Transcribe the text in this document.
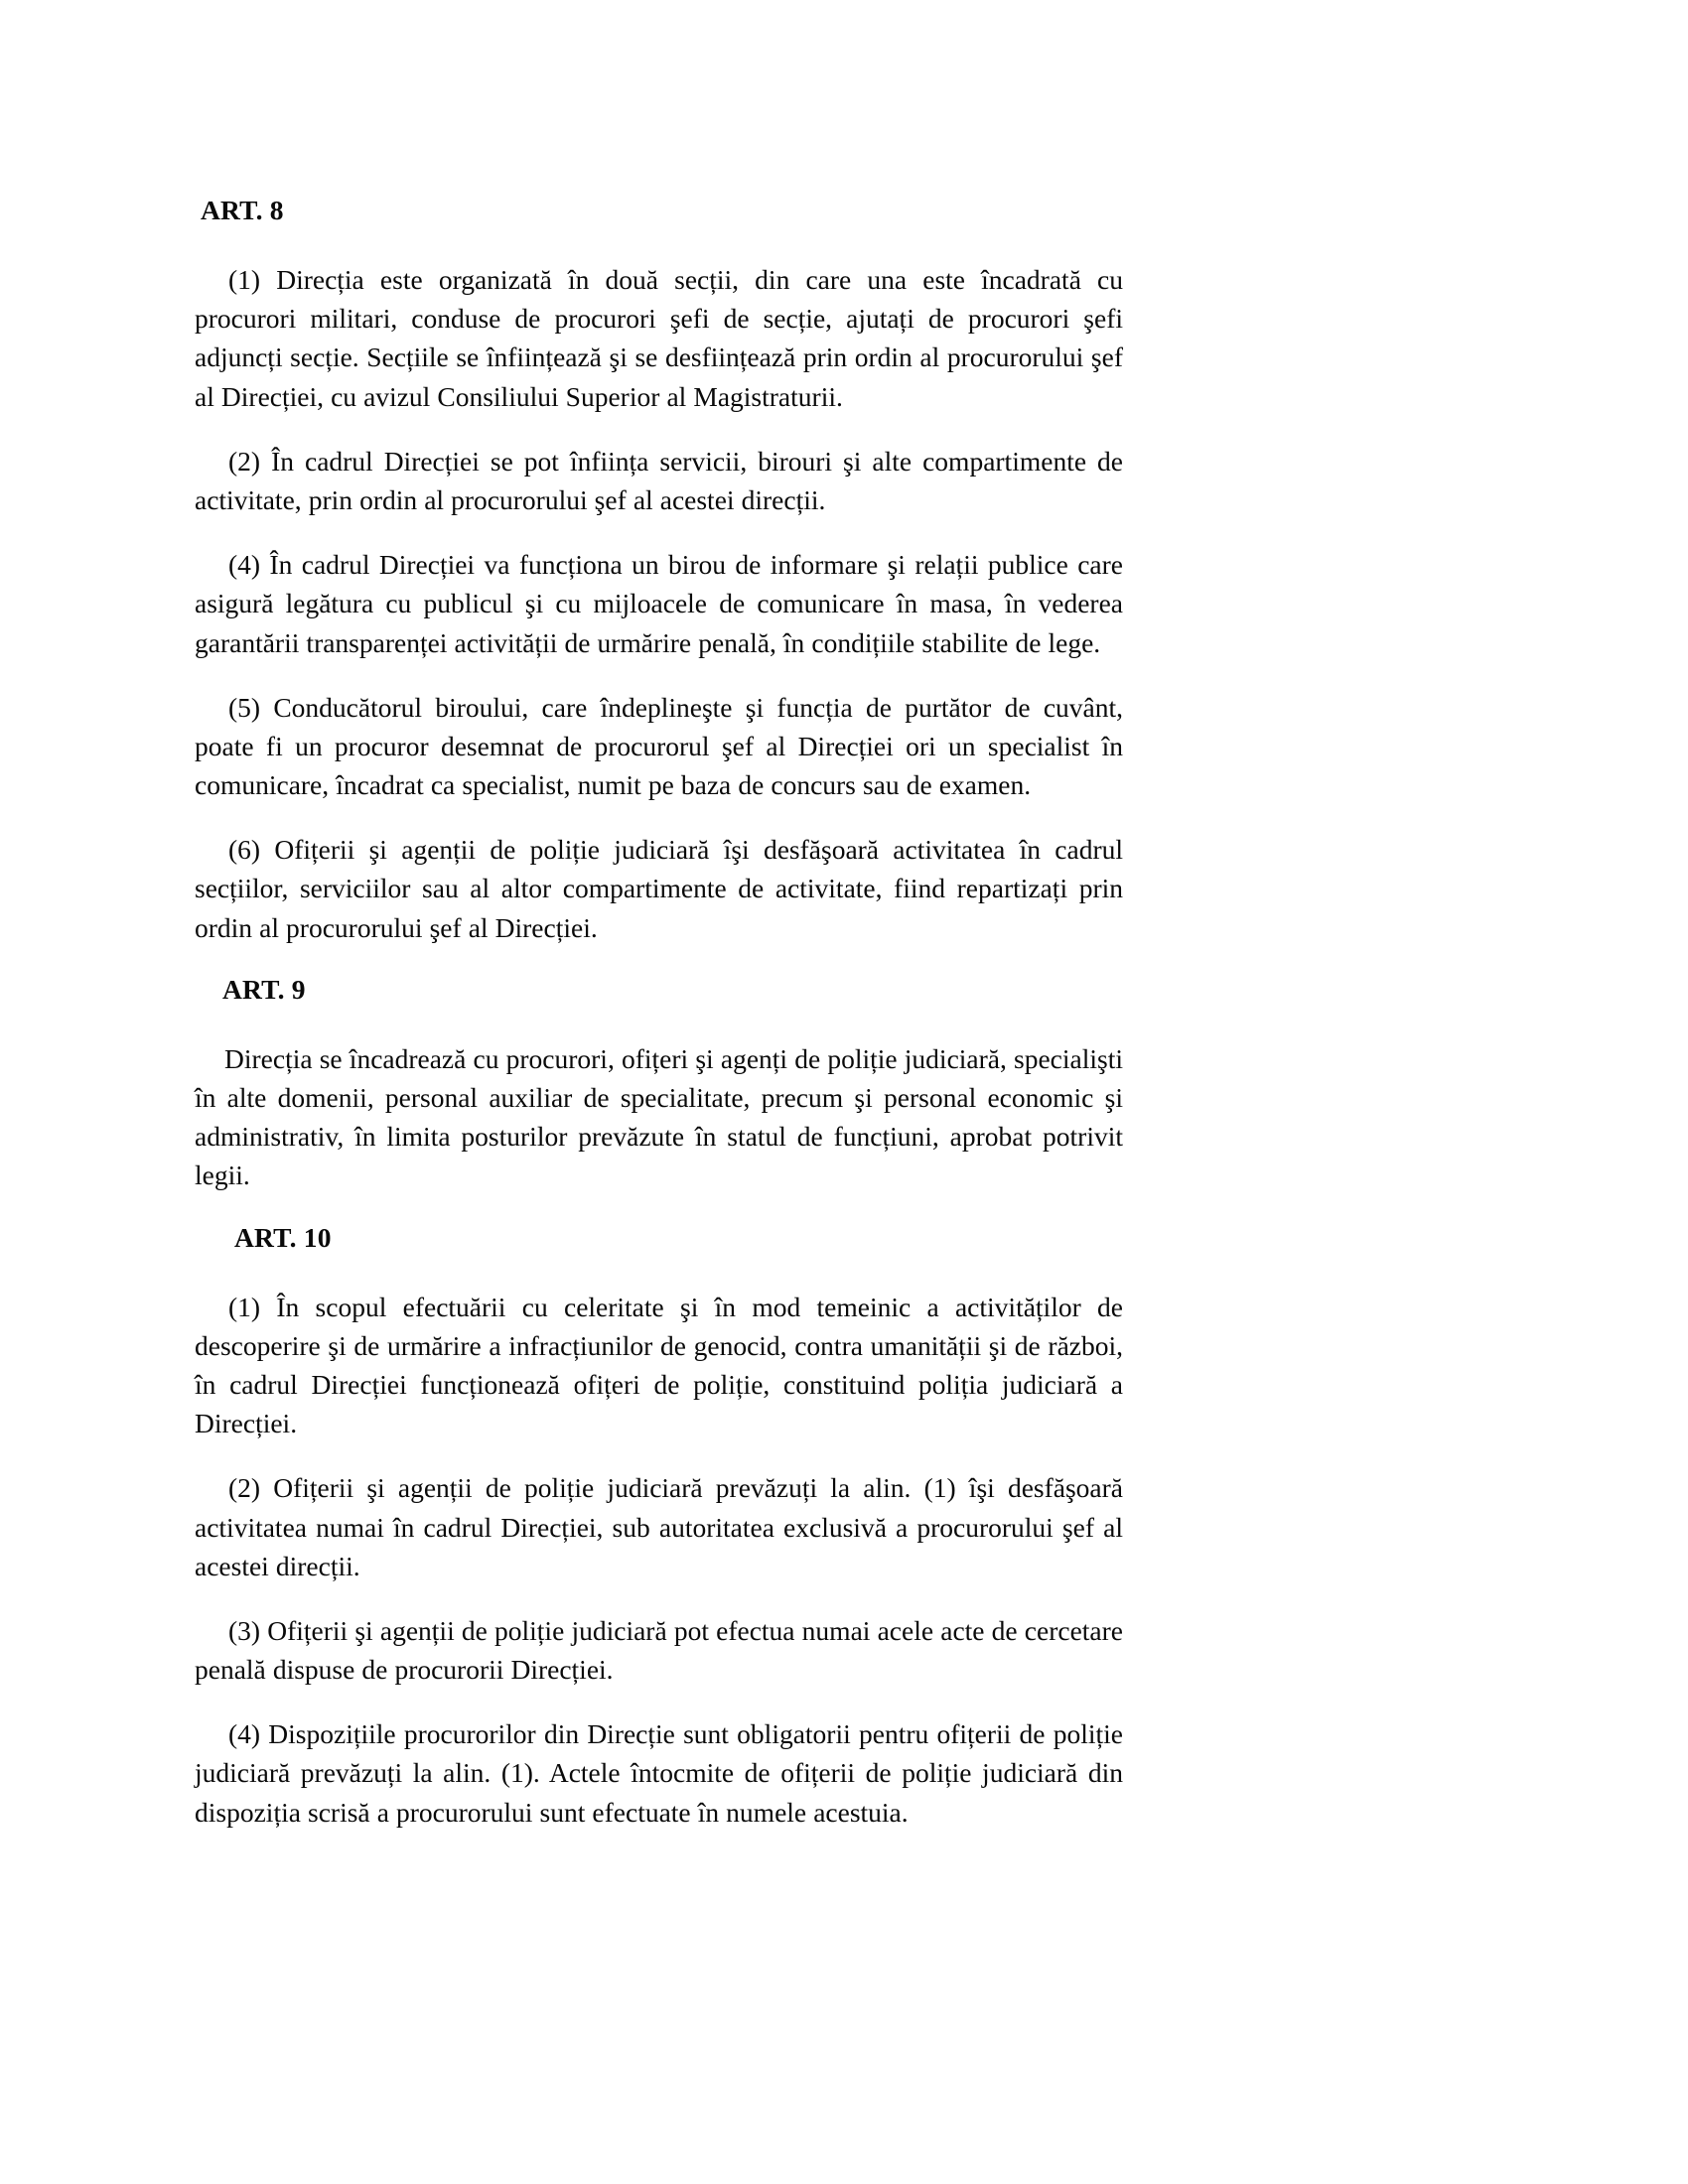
ART. 8

(1) Direcția este organizată în două secții, din care una este încadrată cu procurori militari, conduse de procurori şefi de secție, ajutați de procurori şefi adjuncți secție. Secțiile se înființează şi se desființează prin ordin al procurorului şef al Direcției, cu avizul Consiliului Superior al Magistraturii.

(2) În cadrul Direcției se pot înființa servicii, birouri şi alte compartimente de activitate, prin ordin al procurorului şef al acestei direcții.

(4) În cadrul Direcției va funcționa un birou de informare şi relații publice care asigură legătura cu publicul şi cu mijloacele de comunicare în masa, în vederea garantării transparenței activității de urmărire penală, în condițiile stabilite de lege.

(5) Conducătorul biroului, care îndeplineşte şi funcția de purtător de cuvânt, poate fi un procuror desemnat de procurorul şef al Direcției ori un specialist în comunicare, încadrat ca specialist, numit pe baza de concurs sau de examen.

(6) Ofițerii şi agenții de poliție judiciară îşi desfăşoară activitatea în cadrul secțiilor, serviciilor sau al altor compartimente de activitate, fiind repartizați prin ordin al procurorului şef al Direcției.

ART. 9

Direcția se încadrează cu procurori, ofițeri şi agenți de poliție judiciară, specialişti în alte domenii, personal auxiliar de specialitate, precum şi personal economic şi administrativ, în limita posturilor prevăzute în statul de funcțiuni, aprobat potrivit legii.

ART. 10

(1) În scopul efectuării cu celeritate şi în mod temeinic a activităților de descoperire şi de urmărire a infracțiunilor de genocid, contra umanității şi de război, în cadrul Direcției funcționează ofițeri de poliție, constituind poliția judiciară a Direcției.

(2) Ofițerii şi agenții de poliție judiciară prevăzuți la alin. (1) îşi desfăşoară activitatea numai în cadrul Direcției, sub autoritatea exclusivă a procurorului şef al acestei direcții.

(3) Ofițerii şi agenții de poliție judiciară pot efectua numai acele acte de cercetare penală dispuse de procurorii Direcției.

(4) Dispozițiile procurorilor din Direcție sunt obligatorii pentru ofițerii de poliție judiciară prevăzuți la alin. (1). Actele întocmite de ofițerii de poliție judiciară din dispoziția scrisă a procurorului sunt efectuate în numele acestuia.
